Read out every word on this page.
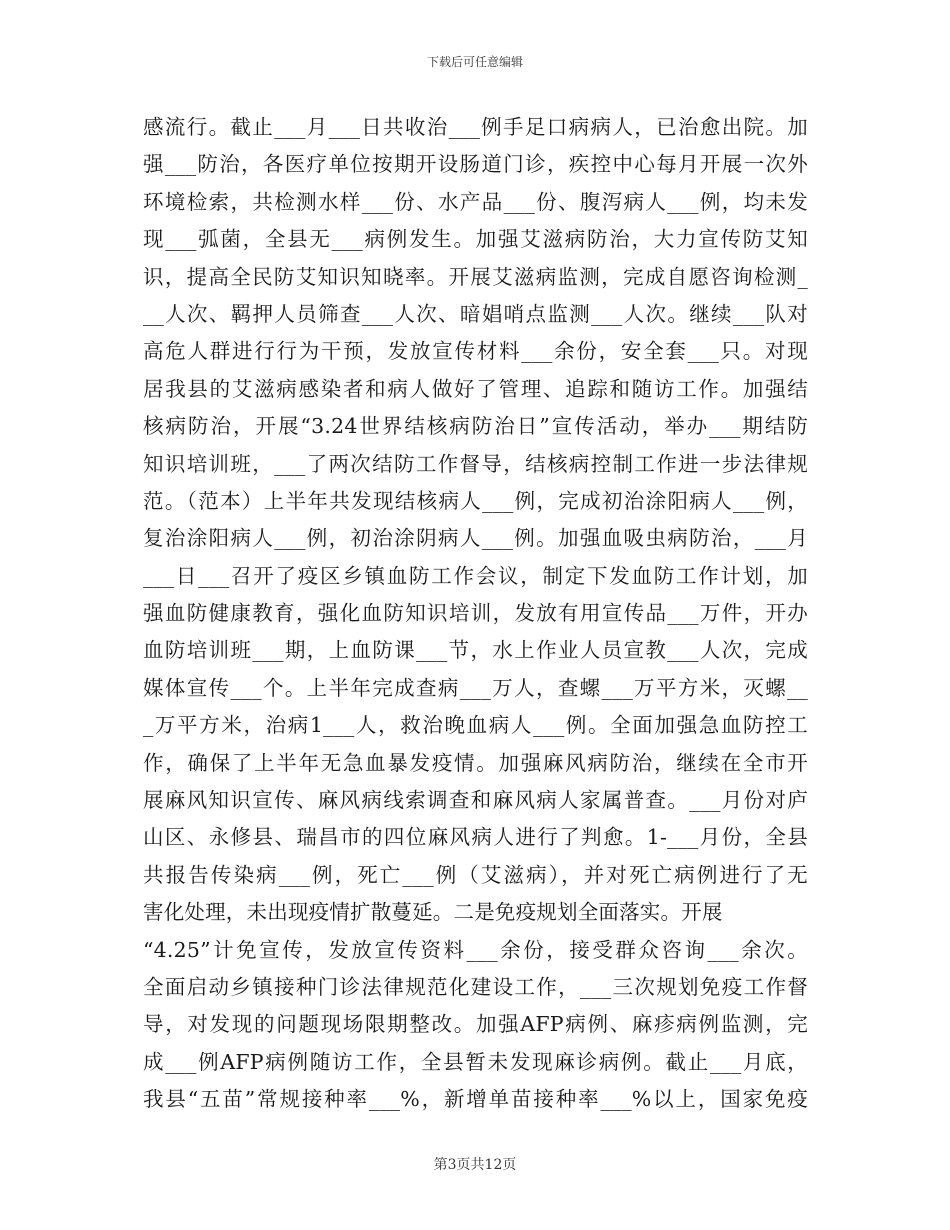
下载后可任意编辑
感流行。截止___月___日共收治___例手足口病病人，已治愈出院。加
强___防治，各医疗单位按期开设肠道门诊，疾控中心每月开展一次外
环境检索，共检测水样___份、水产品___份、腹泻病人___例，均未发
现___弧菌，全县无___病例发生。加强艾滋病防治，大力宣传防艾知
识，提高全民防艾知识知晓率。开展艾滋病监测，完成自愿咨询检测_
__人次、羁押人员筛查___人次、暗娼哨点监测___人次。继续___队对
高危人群进行行为干预，发放宣传材料___余份，安全套___只。对现
居我县的艾滋病感染者和病人做好了管理、追踪和随访工作。加强结
核病防治，开展“3.24世界结核病防治日”宣传活动，举办___期结防
知识培训班，___了两次结防工作督导，结核病控制工作进一步法律规
范。（范本）上半年共发现结核病人___例，完成初治涂阳病人___例，
复治涂阳病人___例，初治涂阴病人___例。加强血吸虫病防治，___月
___日___召开了疫区乡镇血防工作会议，制定下发血防工作计划，加
强血防健康教育，强化血防知识培训，发放有用宣传品___万件，开办
血防培训班___期，上血防课___节，水上作业人员宣教___人次，完成
媒体宣传___个。上半年完成查病___万人，查螺___万平方米，灭螺__
_万平方米，治病1___人，救治晚血病人___例。全面加强急血防控工
作，确保了上半年无急血暴发疫情。加强麻风病防治，继续在全市开
展麻风知识宣传、麻风病线索调查和麻风病人家属普查。___月份对庐
山区、永修县、瑞昌市的四位麻风病人进行了判愈。1-___月份，全县
共报告传染病___例，死亡___例（艾滋病），并对死亡病例进行了无
害化处理，未出现疫情扩散蔓延。二是免疫规划全面落实。开展
“4.25”计免宣传，发放宣传资料___余份，接受群众咨询___余次。
全面启动乡镇接种门诊法律规范化建设工作，___三次规划免疫工作督
导，对发现的问题现场限期整改。加强AFP病例、麻疹病例监测，完
成___例AFP病例随访工作，全县暂未发现麻诊病例。截止___月底，
我县“五苗”常规接种率___%，新增单苗接种率___%以上，国家免疫
第3页共12页
